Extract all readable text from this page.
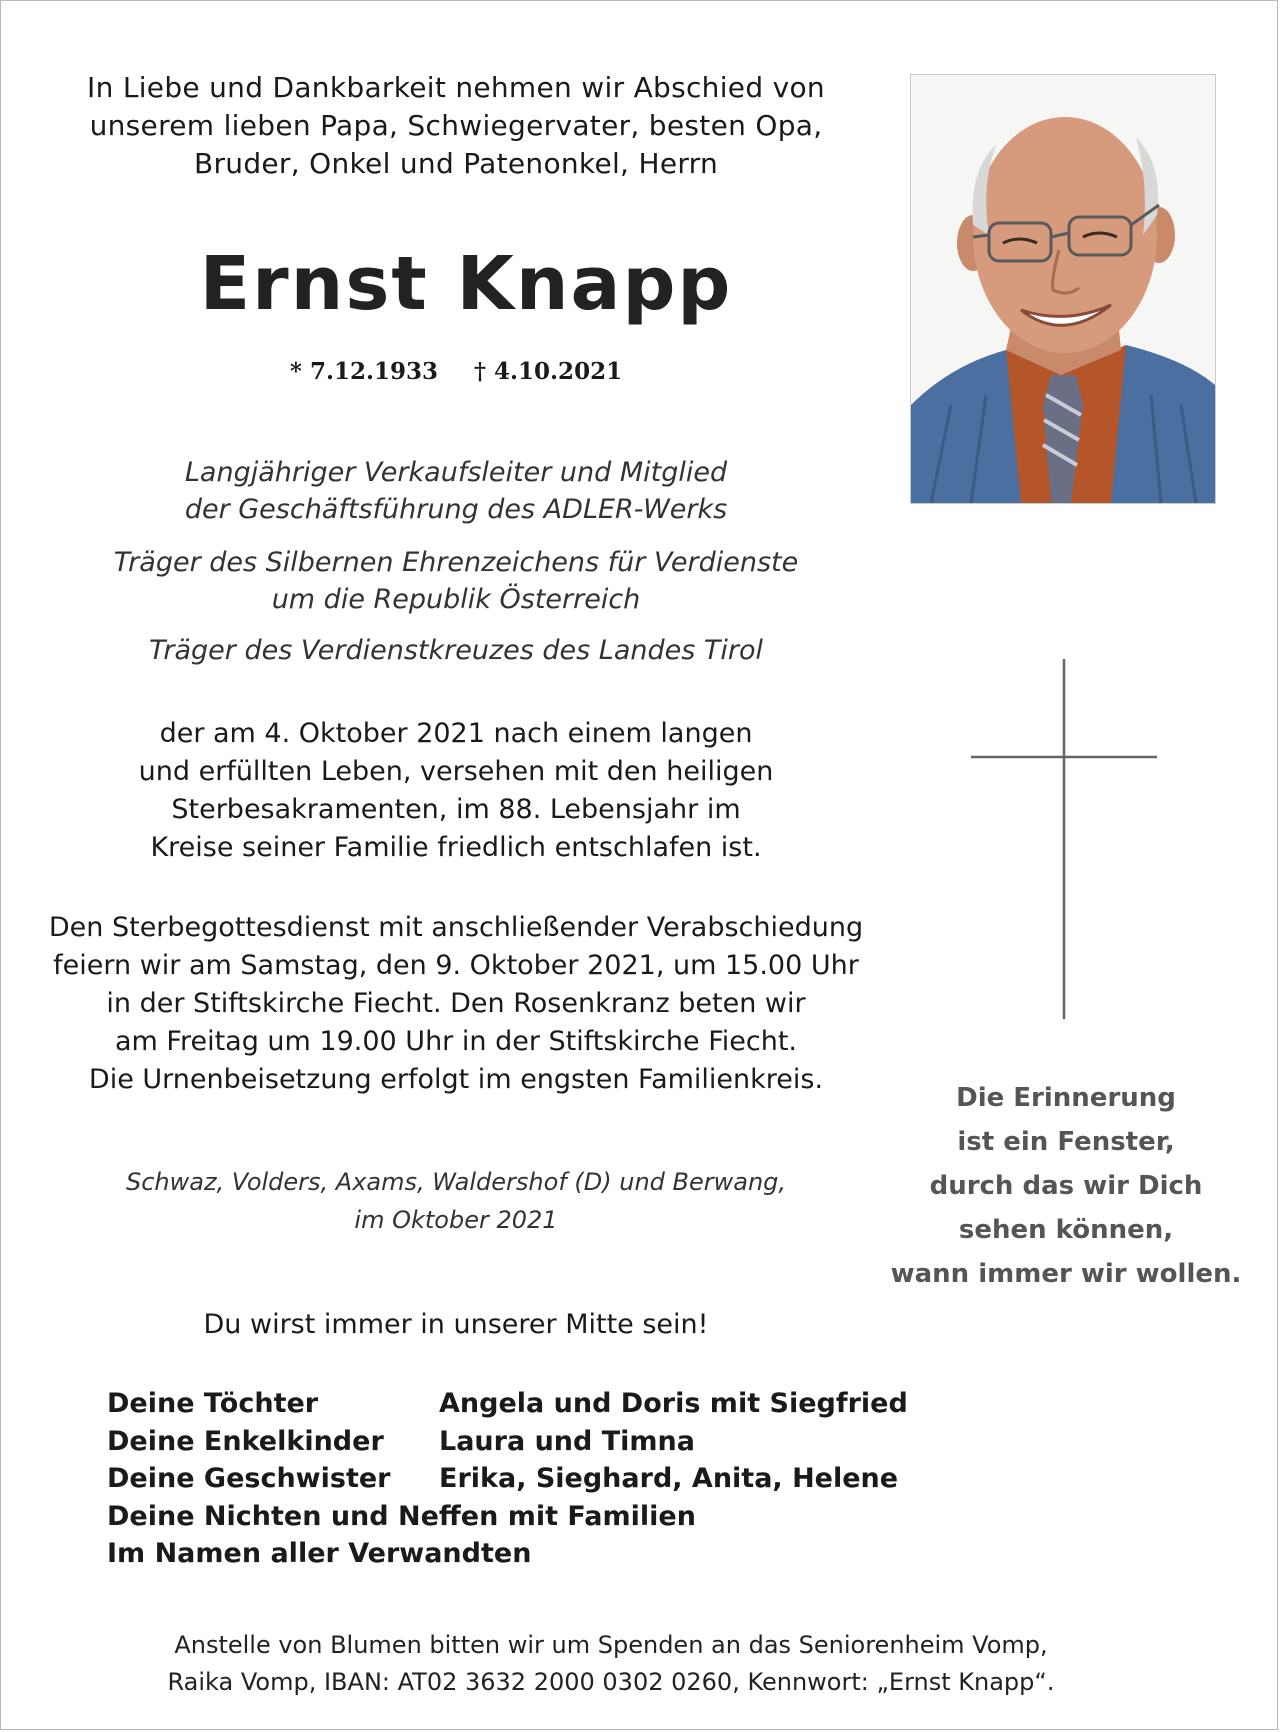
In Liebe und Dankbarkeit nehmen wir Abschied von
unserem lieben Papa, Schwiegervater, besten Opa,
Bruder, Onkel und Patenonkel, Herrn
Ernst Knapp
* 7.12.1933 † 4.10.2021
Langjähriger Verkaufsleiter und Mitglied
der Geschäftsführung des ADLER-Werks
Träger des Silbernen Ehrenzeichens für Verdienste
um die Republik Österreich
Träger des Verdienstkreuzes des Landes Tirol
der am 4. Oktober 2021 nach einem langen
und erfüllten Leben, versehen mit den heiligen
Sterbesakramenten, im 88. Lebensjahr im
Kreise seiner Familie friedlich entschlafen ist.
Den Sterbegottesdienst mit anschließender Verabschiedung
feiern wir am Samstag, den 9. Oktober 2021, um 15.00 Uhr
in der Stiftskirche Fiecht. Den Rosenkranz beten wir
am Freitag um 19.00 Uhr in der Stiftskirche Fiecht.
Die Urnenbeisetzung erfolgt im engsten Familienkreis.
Schwaz, Volders, Axams, Waldershof (D) und Berwang,
im Oktober 2021
Du wirst immer in unserer Mitte sein!
Deine Töchter	Angela und Doris mit Siegfried
Deine Enkelkinder	Laura und Timna
Deine Geschwister	Erika, Sieghard, Anita, Helene
Deine Nichten und Neffen mit Familien
Im Namen aller Verwandten
Anstelle von Blumen bitten wir um Spenden an das Seniorenheim Vomp,
Raika Vomp, IBAN: AT02 3632 2000 0302 0260, Kennwort: „Ernst Knapp“.
Die Erinnerung
ist ein Fenster,
durch das wir Dich
sehen können,
wann immer wir wollen.
